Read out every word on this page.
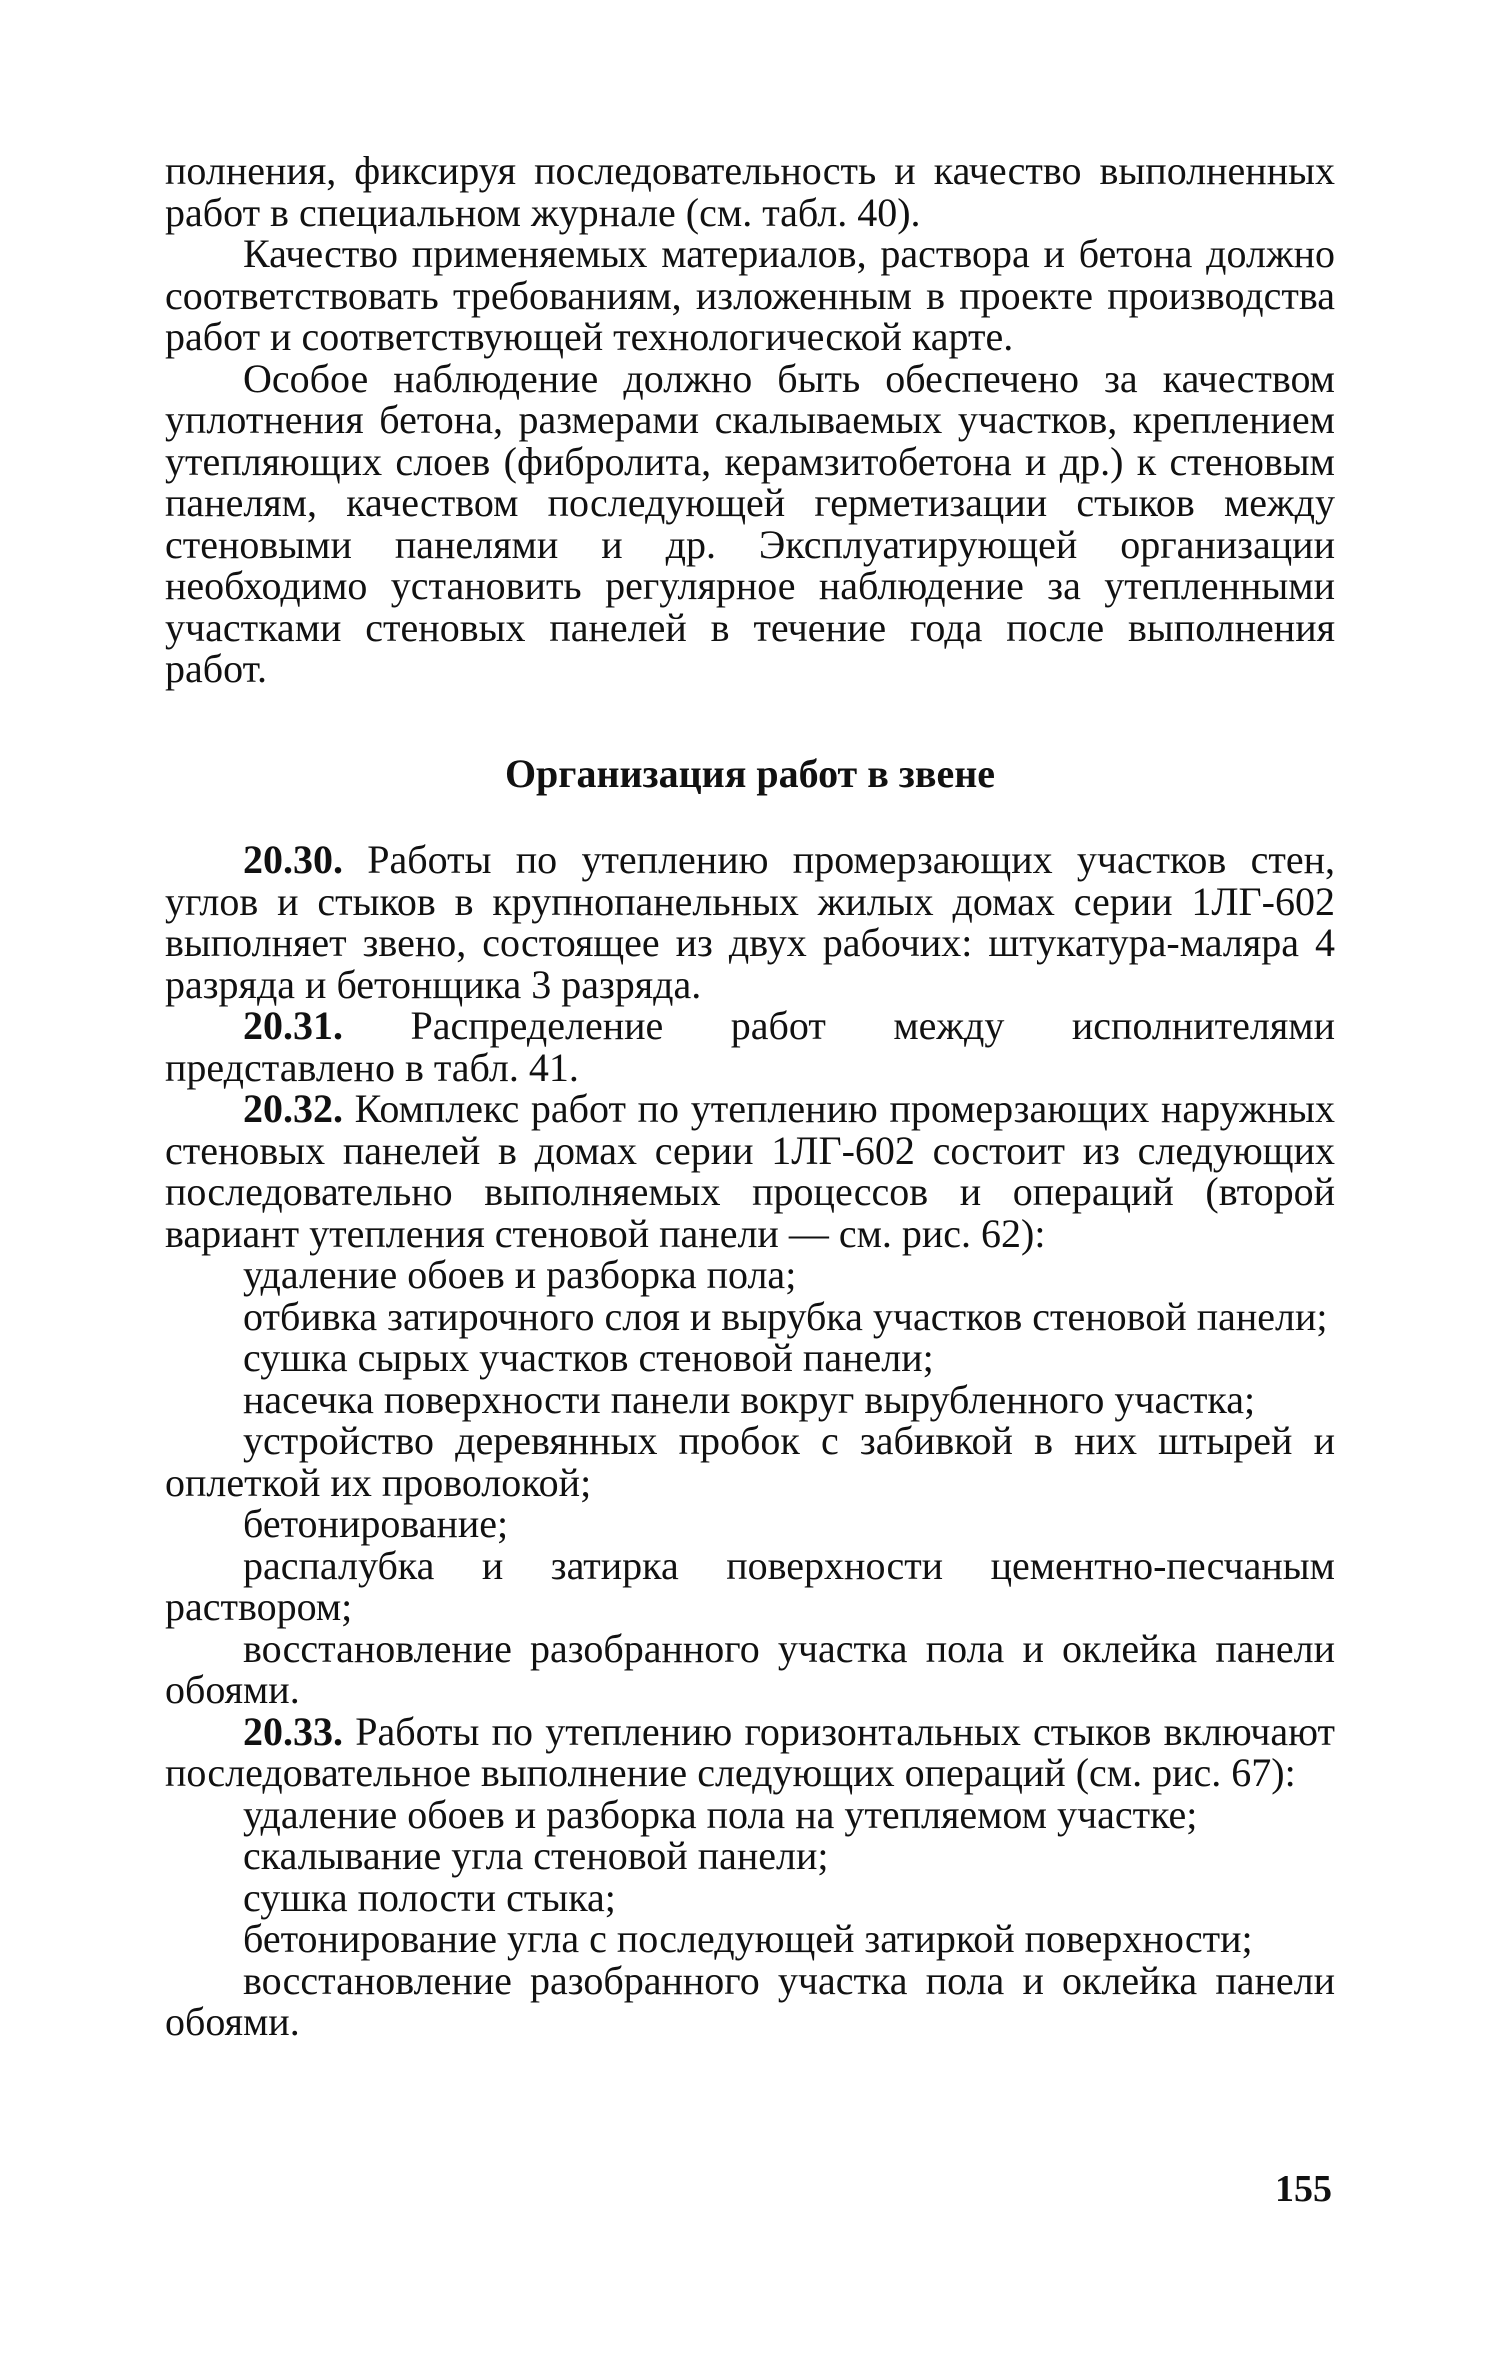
полнения, фиксируя последовательность и качество выполненных работ в специальном журнале (см. табл. 40).

Качество применяемых материалов, раствора и бетона должно соответствовать требованиям, изложенным в проекте производства работ и соответствующей технологической карте.

Особое наблюдение должно быть обеспечено за качеством уплотнения бетона, размерами скалываемых участков, креплением утепляющих слоев (фибролита, керамзитобетона и др.) к стеновым панелям, качеством последующей герметизации стыков между стеновыми панелями и др. Эксплуатирующей организации необходимо установить регулярное наблюдение за утепленными участками стеновых панелей в течение года после выполнения работ.

Организация работ в звене

20.30. Работы по утеплению промерзающих участков стен, углов и стыков в крупнопанельных жилых домах серии 1ЛГ-602 выполняет звено, состоящее из двух рабочих: штукатура-маляра 4 разряда и бетонщика 3 разряда.

20.31. Распределение работ между исполнителями представлено в табл. 41.

20.32. Комплекс работ по утеплению промерзающих наружных стеновых панелей в домах серии 1ЛГ-602 состоит из следующих последовательно выполняемых процессов и операций (второй вариант утепления стеновой панели — см. рис. 62):

удаление обоев и разборка пола;

отбивка затирочного слоя и вырубка участков стеновой панели;

сушка сырых участков стеновой панели;

насечка поверхности панели вокруг вырубленного участка;

устройство деревянных пробок с забивкой в них штырей и оплеткой их проволокой;

бетонирование;

распалубка и затирка поверхности цементно-песчаным раствором;

восстановление разобранного участка пола и оклейка панели обоями.

20.33. Работы по утеплению горизонтальных стыков включают последовательное выполнение следующих операций (см. рис. 67):

удаление обоев и разборка пола на утепляемом участке;

скалывание угла стеновой панели;

сушка полости стыка;

бетонирование угла с последующей затиркой поверхности;

восстановление разобранного участка пола и оклейка панели обоями.

155
